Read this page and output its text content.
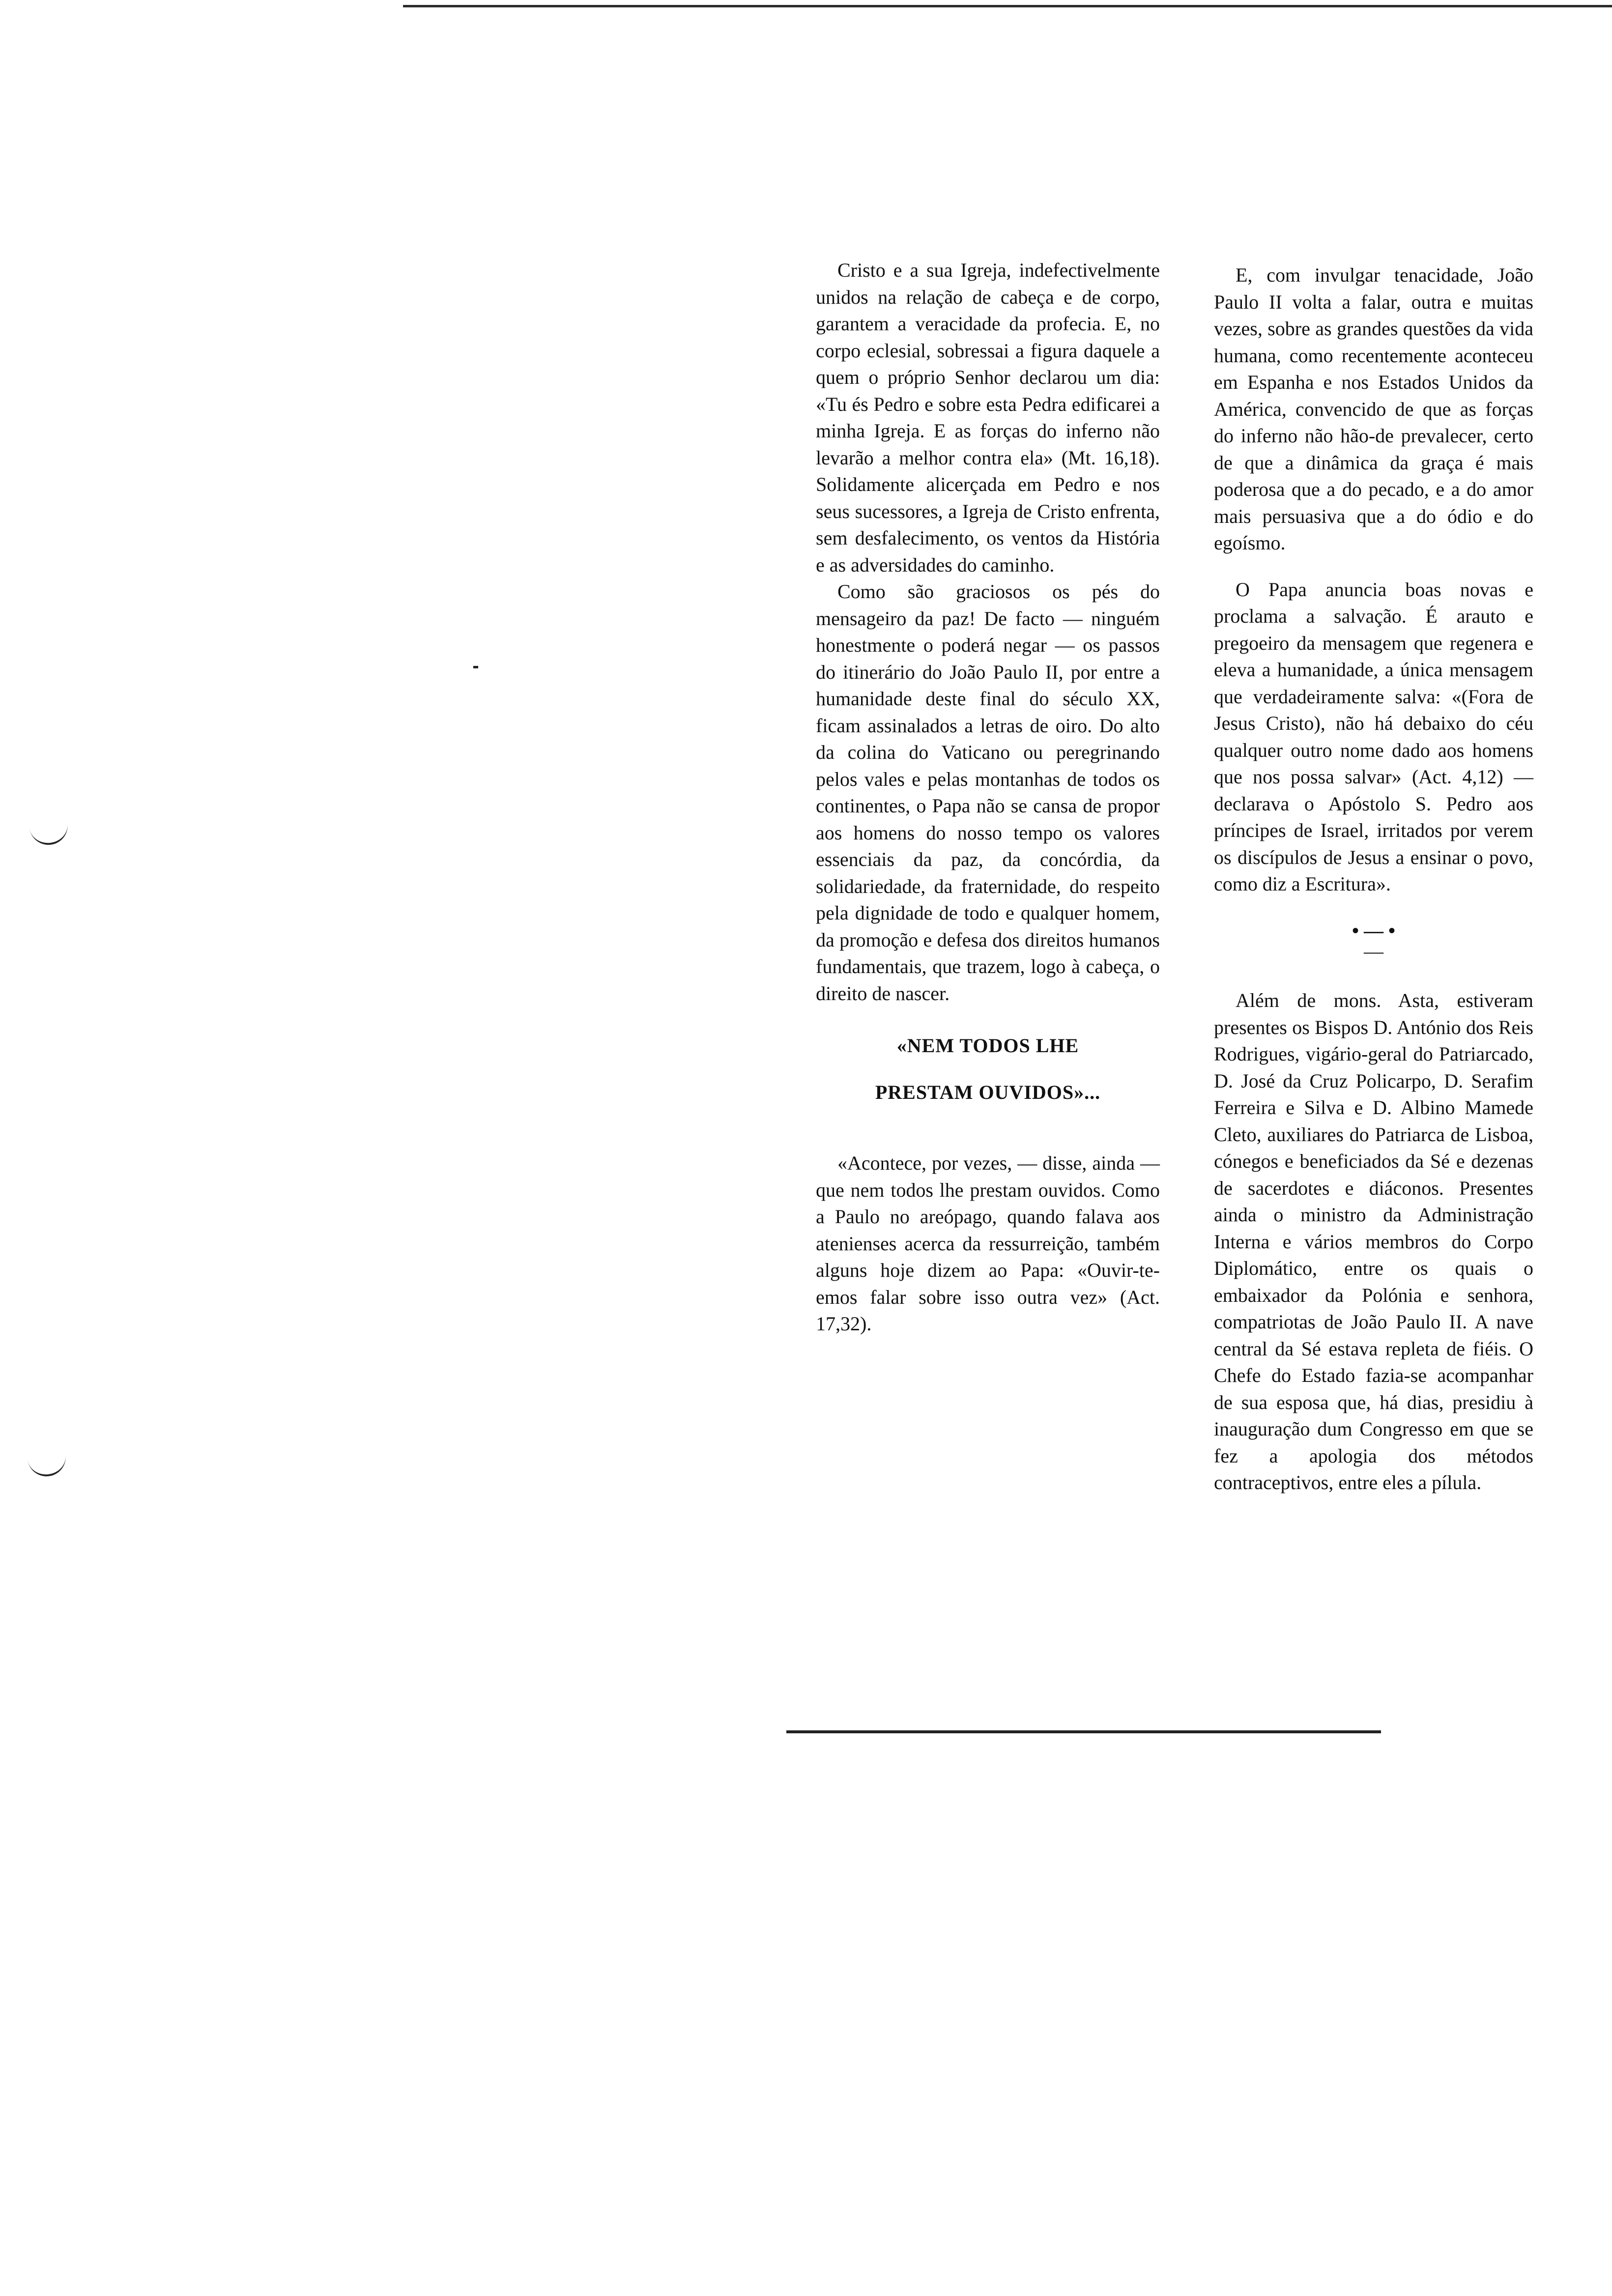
Cristo e a sua Igreja, indefectivelmente unidos na relação de cabeça e de corpo, garantem a veracidade da profecia. E, no corpo eclesial, sobressai a figura daquele a quem o próprio Senhor declarou um dia: «Tu és Pedro e sobre esta Pedra edificarei a minha Igreja. E as forças do inferno não levarão a melhor contra ela» (Mt. 16,18). Solidamente alicerçada em Pedro e nos seus sucessores, a Igreja de Cristo enfrenta, sem desfalecimento, os ventos da História e as adversidades do caminho.

Como são graciosos os pés do mensageiro da paz! De facto — ninguém honestmente o poderá negar — os passos do itinerário do João Paulo II, por entre a humanidade deste final do século XX, ficam assinalados a letras de oiro. Do alto da colina do Vaticano ou peregrinando pelos vales e pelas montanhas de todos os continentes, o Papa não se cansa de propor aos homens do nosso tempo os valores essenciais da paz, da concórdia, da solidariedade, da fraternidade, do respeito pela dignidade de todo e qualquer homem, da promoção e defesa dos direitos humanos fundamentais, que trazem, logo à cabeça, o direito de nascer.

«NEM TODOS LHE

PRESTAM OUVIDOS»...

«Acontece, por vezes, — disse, ainda — que nem todos lhe prestam ouvidos. Como a Paulo no areópago, quando falava aos atenienses acerca da ressurreição, também alguns hoje dizem ao Papa: «Ouvir-te-emos falar sobre isso outra vez» (Act. 17,32).

E, com invulgar tenacidade, João Paulo II volta a falar, outra e muitas vezes, sobre as grandes questões da vida humana, como recentemente aconteceu em Espanha e nos Estados Unidos da América, convencido de que as forças do inferno não hão-de prevalecer, certo de que a dinâmica da graça é mais poderosa que a do pecado, e a do amor mais persuasiva que a do ódio e do egoísmo.

O Papa anuncia boas novas e proclama a salvação. É arauto e pregoeiro da mensagem que regenera e eleva a humanidade, a única mensagem que verdadeiramente salva: «(Fora de Jesus Cristo), não há debaixo do céu qualquer outro nome dado aos homens que nos possa salvar» (Act. 4,12) — declarava o Apóstolo S. Pedro aos príncipes de Israel, irritados por verem os discípulos de Jesus a ensinar o povo, como diz a Escritura».

• — •

—

Além de mons. Asta, estiveram presentes os Bispos D. António dos Reis Rodrigues, vigário-geral do Patriarcado, D. José da Cruz Policarpo, D. Serafim Ferreira e Silva e D. Albino Mamede Cleto, auxiliares do Patriarca de Lisboa, cónegos e beneficiados da Sé e dezenas de sacerdotes e diáconos. Presentes ainda o ministro da Administração Interna e vários membros do Corpo Diplomático, entre os quais o embaixador da Polónia e senhora, compatriotas de João Paulo II. A nave central da Sé estava repleta de fiéis. O Chefe do Estado fazia-se acompanhar de sua esposa que, há dias, presidiu à inauguração dum Congresso em que se fez a apologia dos métodos contraceptivos, entre eles a pílula.
